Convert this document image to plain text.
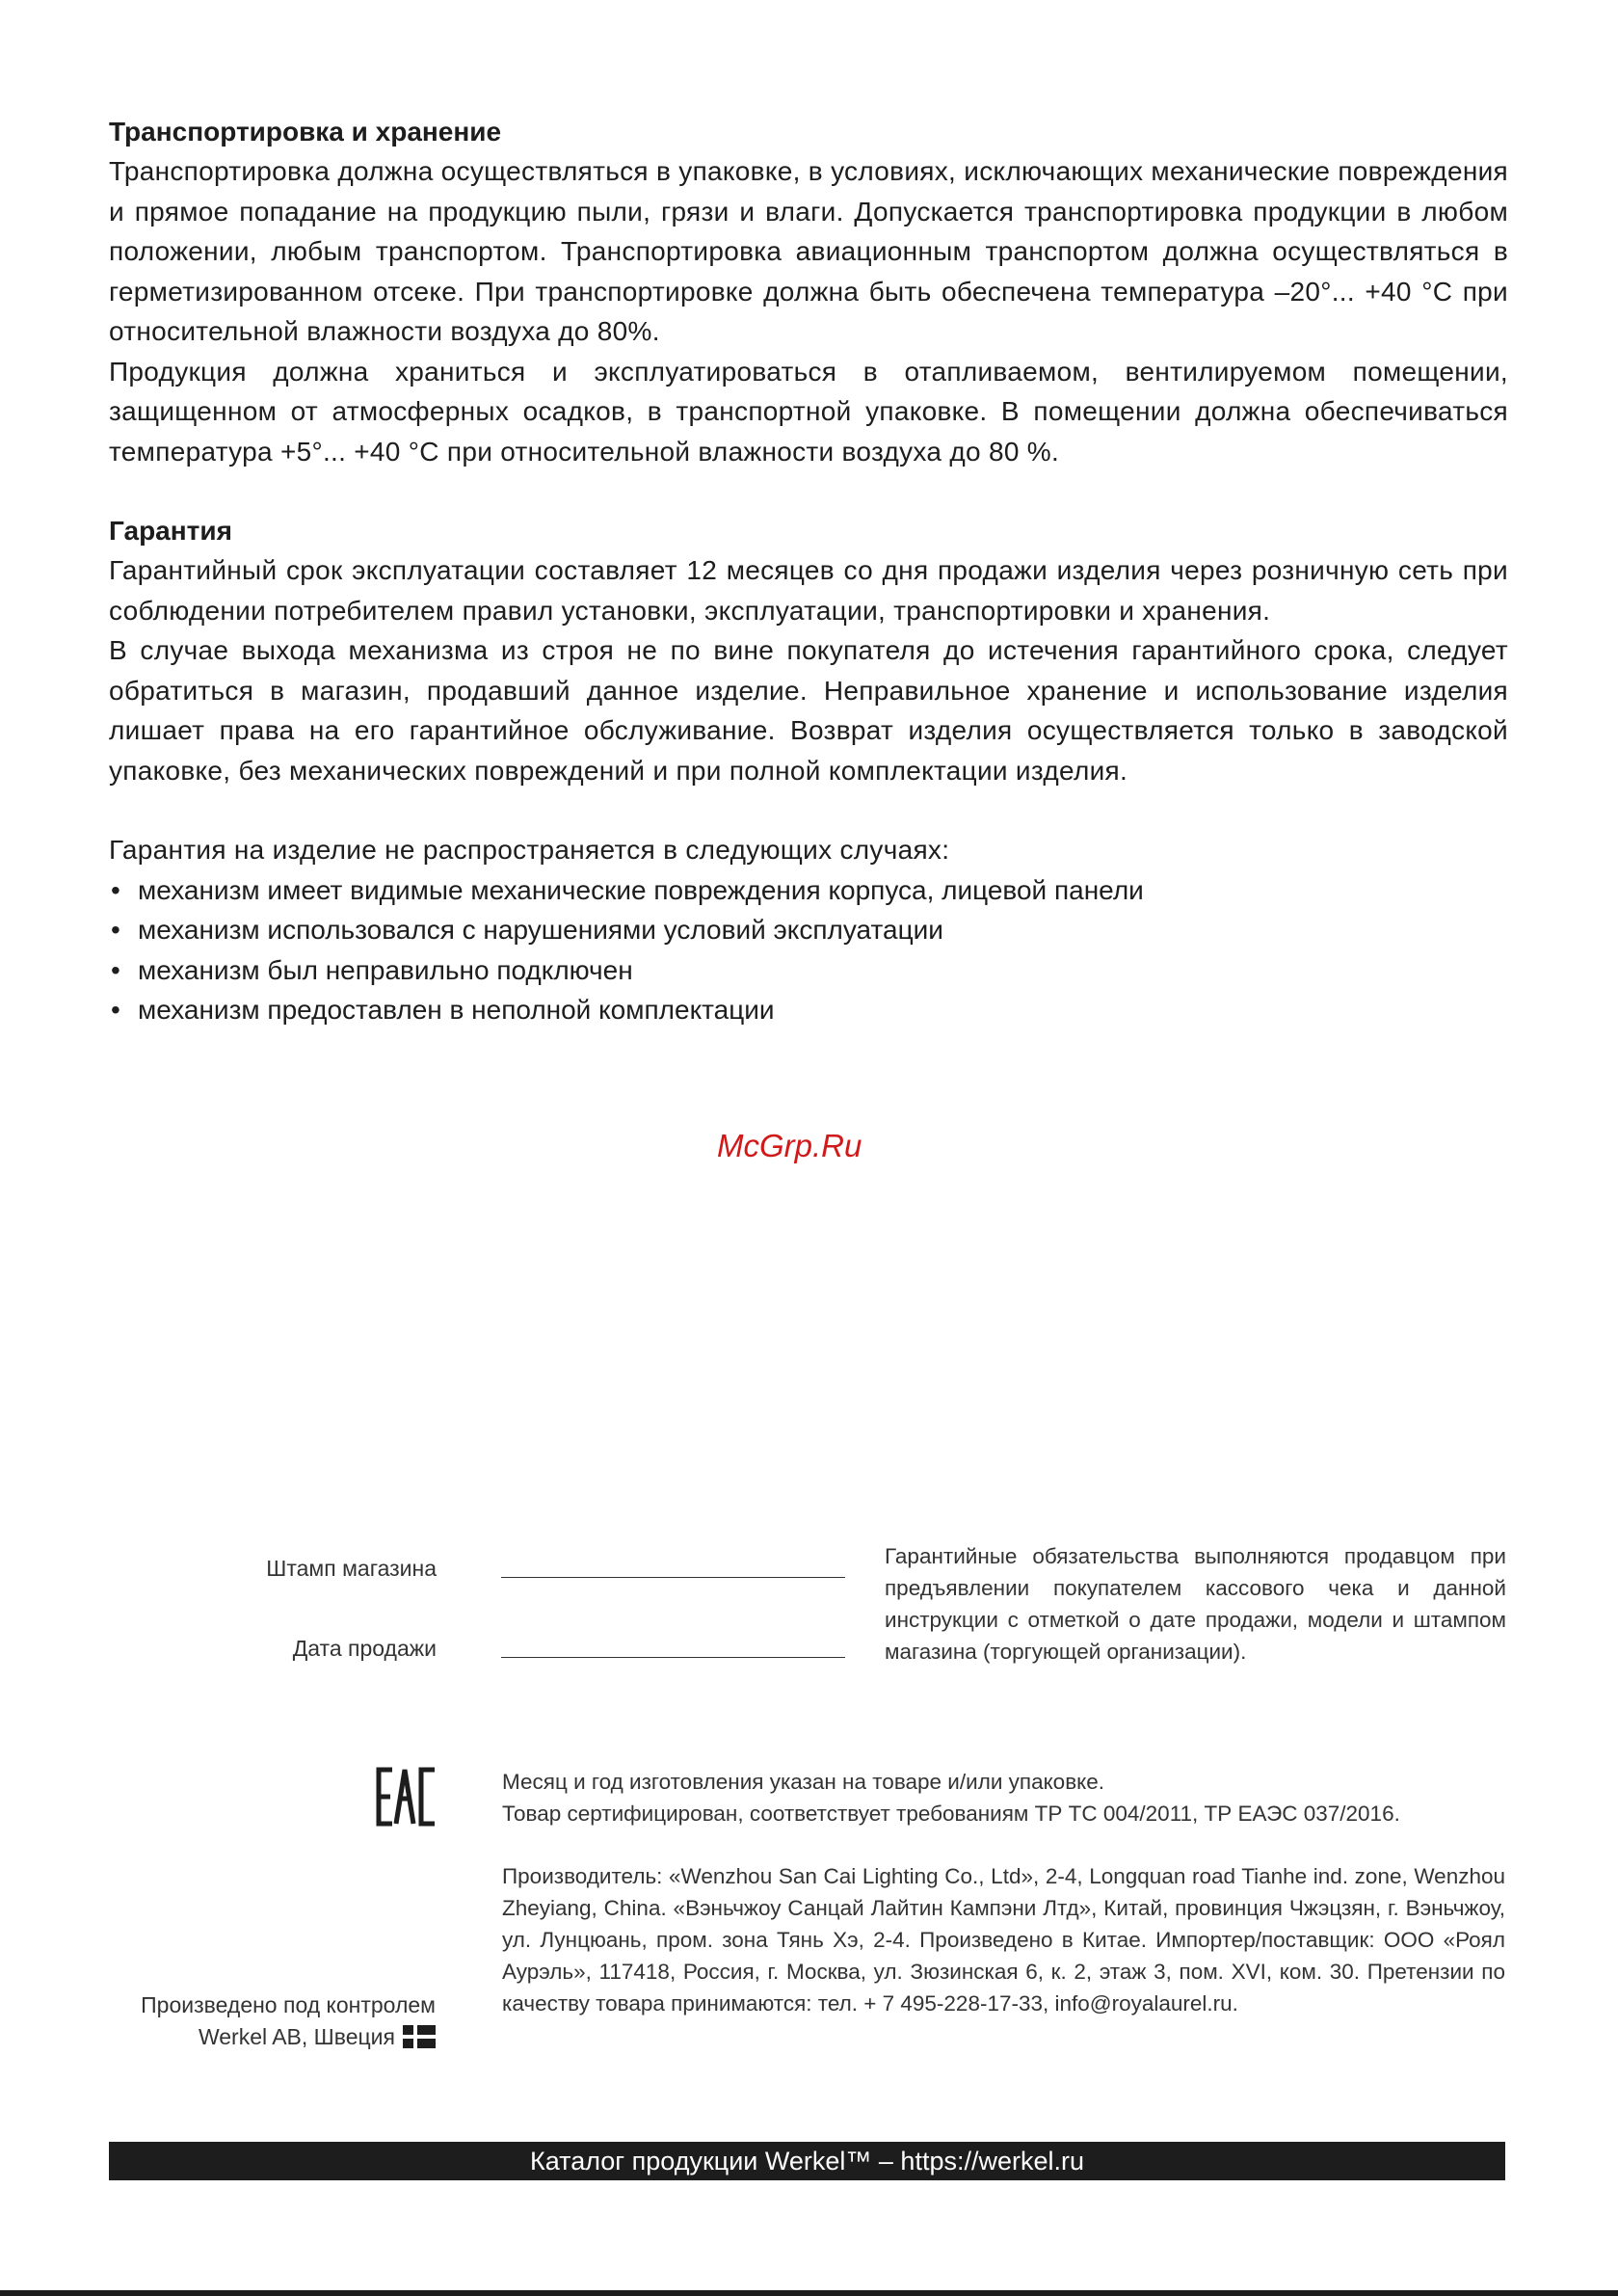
Транспортировка и хранение

Транспортировка должна осуществляться в упаковке, в условиях, исключающих механические повреждения и прямое попадание на продукцию пыли, грязи и влаги. Допускается транспортировка продукции в любом положении, любым транспортом. Транспортировка авиационным транспортом должна осуществляться в герметизированном отсеке. При транспортировке должна быть обеспечена температура –20°... +40 °С при относительной влажности воздуха до 80%.

Продукция должна храниться и эксплуатироваться в отапливаемом, вентилируемом помещении, защищенном от атмосферных осадков, в транспортной упаковке. В помещении должна обеспечиваться температура +5°... +40 °С при относительной влажности воздуха до 80 %.

Гарантия

Гарантийный срок эксплуатации составляет 12 месяцев со дня продажи изделия через розничную сеть при соблюдении потребителем правил установки, эксплуатации, транспортировки и хранения.

В случае выхода механизма из строя не по вине покупателя до истечения гарантийного срока, следует обратиться в магазин, продавший данное изделие. Неправильное хранение и использование изделия лишает права на его гарантийное обслуживание. Возврат изделия осуществляется только в заводской упаковке, без механических повреждений и при полной комплектации изделия.

Гарантия на изделие не распространяется в следующих случаях:

• механизм имеет видимые механические повреждения корпуса, лицевой панели
• механизм использовался с нарушениями условий эксплуатации
• механизм был неправильно подключен
• механизм предоставлен в неполной комплектации
McGrp.Ru
Штамп магазина
Дата продажи
Гарантийные обязательства выполняются продавцом при предъявлении покупателем кассового чека и данной инструкции с отметкой о дате продажи, модели и штампом магазина (торгующей организации).
Месяц и год изготовления указан на товаре и/или упаковке.
Товар сертифицирован, соответствует требованиям ТР ТС 004/2011, ТР ЕАЭС 037/2016.
Производитель: «Wenzhou San Cai Lighting Co., Ltd», 2-4, Longquan road Tianhe ind. zone, Wenzhou Zheyiang, China. «Вэньчжоу Санцай Лайтин Кампэни Лтд», Китай, провинция Чжэцзян, г. Вэньчжоу, ул. Лунцюань, пром. зона Тянь Хэ, 2-4. Произведено в Китае. Импортер/поставщик: ООО «Роял Аурэль», 117418, Россия, г. Москва, ул. Зюзинская 6, к. 2, этаж 3, пом. XVI, ком. 30. Претензии по качеству товара принимаются: тел. + 7 495-228-17-33, info@royalaurel.ru.
Произведено под контролем
Werkel AB, Швеция
Каталог продукции Werkel™ – https://werkel.ru
